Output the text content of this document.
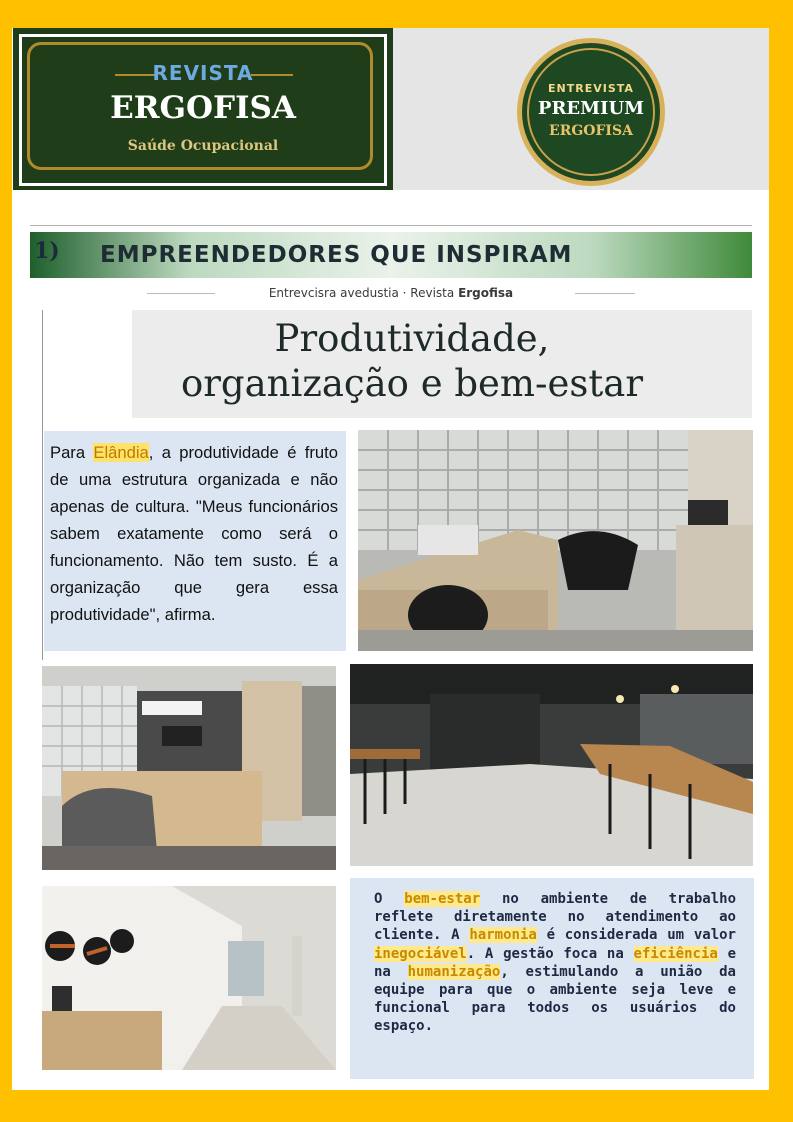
REVISTA
ERGOFISA
Saúde Ocupacional
ENTREVISTA
PREMIUM
ERGOFISA
1) EMPREENDEDORES QUE INSPIRAM
Entrevcisra avedustia · Revista Ergofisa
Produtividade,
organização e bem-estar

Para Elândia, a produtividade é fruto de uma estrutura organizada e não apenas de cultura. "Meus funcionários sabem exatamente como será o funcionamento. Não tem susto. É a organização que gera essa produtividade", afirma.

O bem-estar no ambiente de trabalho reflete diretamente no atendimento ao cliente. A harmonia é considerada um valor inegociável. A gestão foca na eficiência e na humanização, estimulando a união da equipe para que o ambiente seja leve e funcional para todos os usuários do espaço.
